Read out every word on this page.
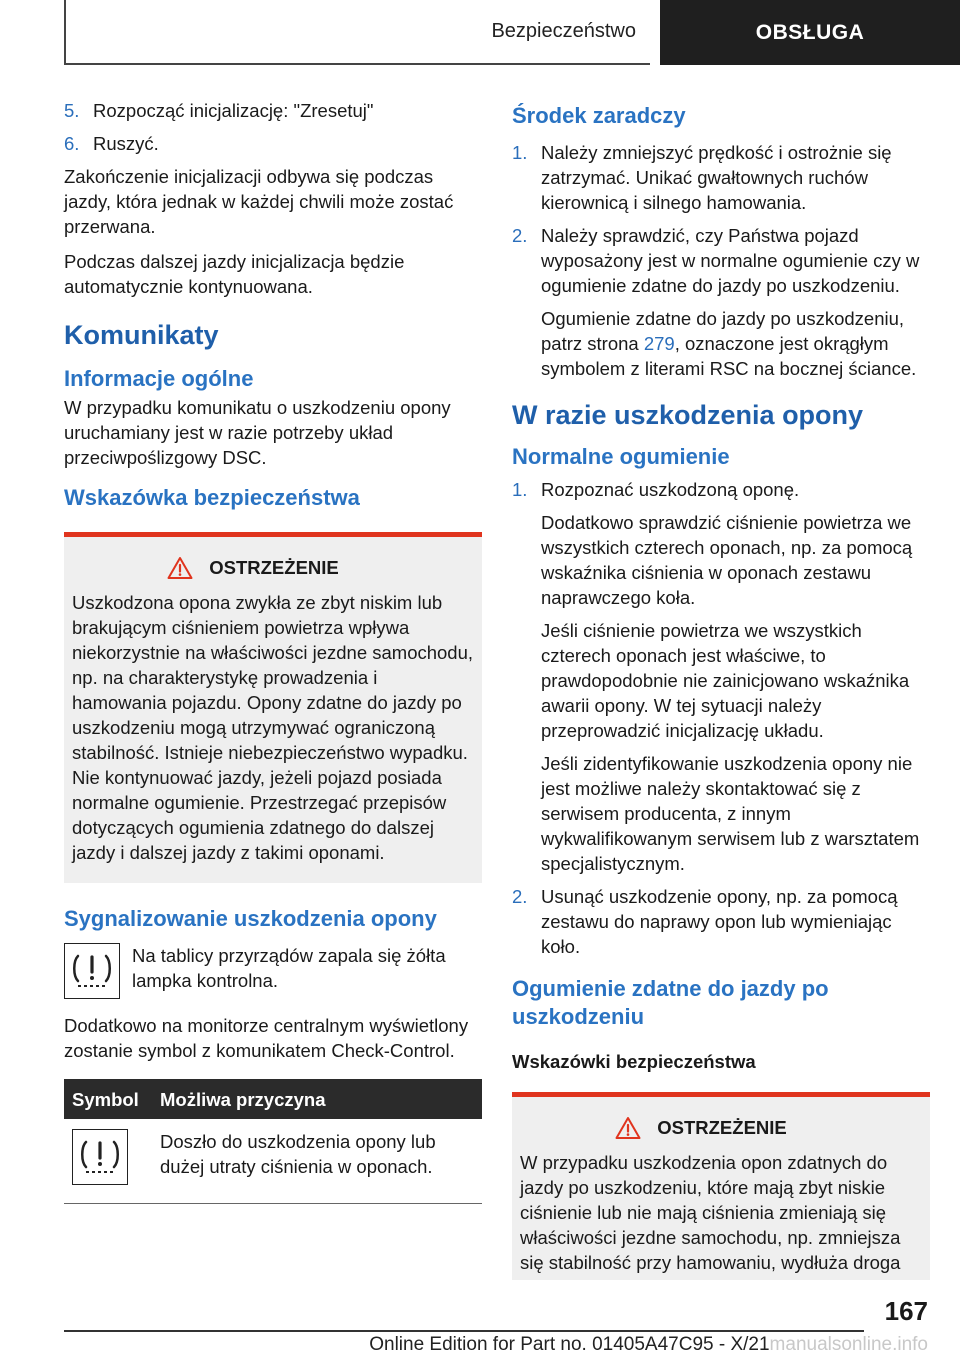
Bezpieczeństwo	OBSŁUGA
5. Rozpocząć inicjalizację: "Zresetuj"
6. Ruszyć.

Zakończenie inicjalizacji odbywa się podczas jazdy, która jednak w każdej chwili może zostać przerwana.

Podczas dalszej jazdy inicjalizacja będzie automatycznie kontynuowana.

Komunikaty
Informacje ogólne

W przypadku komunikatu o uszkodzeniu opony uruchamiany jest w razie potrzeby układ przeciwpoślizgowy DSC.

Wskazówka bezpieczeństwa
OSTRZEŻENIE
Uszkodzona opona zwykła ze zbyt niskim lub brakującym ciśnieniem powietrza wpływa niekorzystnie na właściwości jezdne samochodu, np. na charakterystykę prowadzenia i hamowania pojazdu. Opony zdatne do jazdy po uszkodzeniu mogą utrzymywać ograniczoną stabilność. Istnieje niebezpieczeństwo wypadku. Nie kontynuować jazdy, jeżeli pojazd posiada normalne ogumienie. Przestrzegać przepisów dotyczących ogumienia zdatnego do dalszej jazdy i dalszej jazdy z takimi oponami.
Sygnalizowanie uszkodzenia opony
Na tablicy przyrządów zapala się żółta lampka kontrolna.

Dodatkowo na monitorze centralnym wyświetlony zostanie symbol z komunikatem Check-Control.

Symbol	Możliwa przyczyna

	Doszło do uszkodzenia opony lub dużej utraty ciśnienia w oponach.
Środek zaradczy
1. Należy zmniejszyć prędkość i ostrożnie się zatrzymać. Unikać gwałtownych ruchów kierownicą i silnego hamowania.
2. Należy sprawdzić, czy Państwa pojazd wyposażony jest w normalne ogumienie czy w ogumienie zdatne do jazdy po uszkodzeniu.
Ogumienie zdatne do jazdy po uszkodzeniu, patrz strona 279, oznaczone jest okrągłym symbolem z literami RSC na bocznej ściance.
W razie uszkodzenia opony
Normalne ogumienie
1. Rozpoznać uszkodzoną oponę.
Dodatkowo sprawdzić ciśnienie powietrza we wszystkich czterech oponach, np. za pomocą wskaźnika ciśnienia w oponach zestawu naprawczego koła.
Jeśli ciśnienie powietrza we wszystkich czterech oponach jest właściwe, to prawdopodobnie nie zainicjowano wskaźnika awarii opony. W tej sytuacji należy przeprowadzić inicjalizację układu.
Jeśli zidentyfikowanie uszkodzenia opony nie jest możliwe należy skontaktować się z serwisem producenta, z innym wykwalifikowanym serwisem lub z warsztatem specjalistycznym.
2. Usunąć uszkodzenie opony, np. za pomocą zestawu do naprawy opon lub wymieniając koło.
Ogumienie zdatne do jazdy po uszkodzeniu
Wskazówki bezpieczeństwa
OSTRZEŻENIE
W przypadku uszkodzenia opon zdatnych do jazdy po uszkodzeniu, które mają zbyt niskie ciśnienie lub nie mają ciśnienia zmieniają się właściwości jezdne samochodu, np. zmniejsza się stabilność przy hamowaniu, wydłuża droga
167
Online Edition for Part no. 01405A47C95 - X/21manualsonline.info
